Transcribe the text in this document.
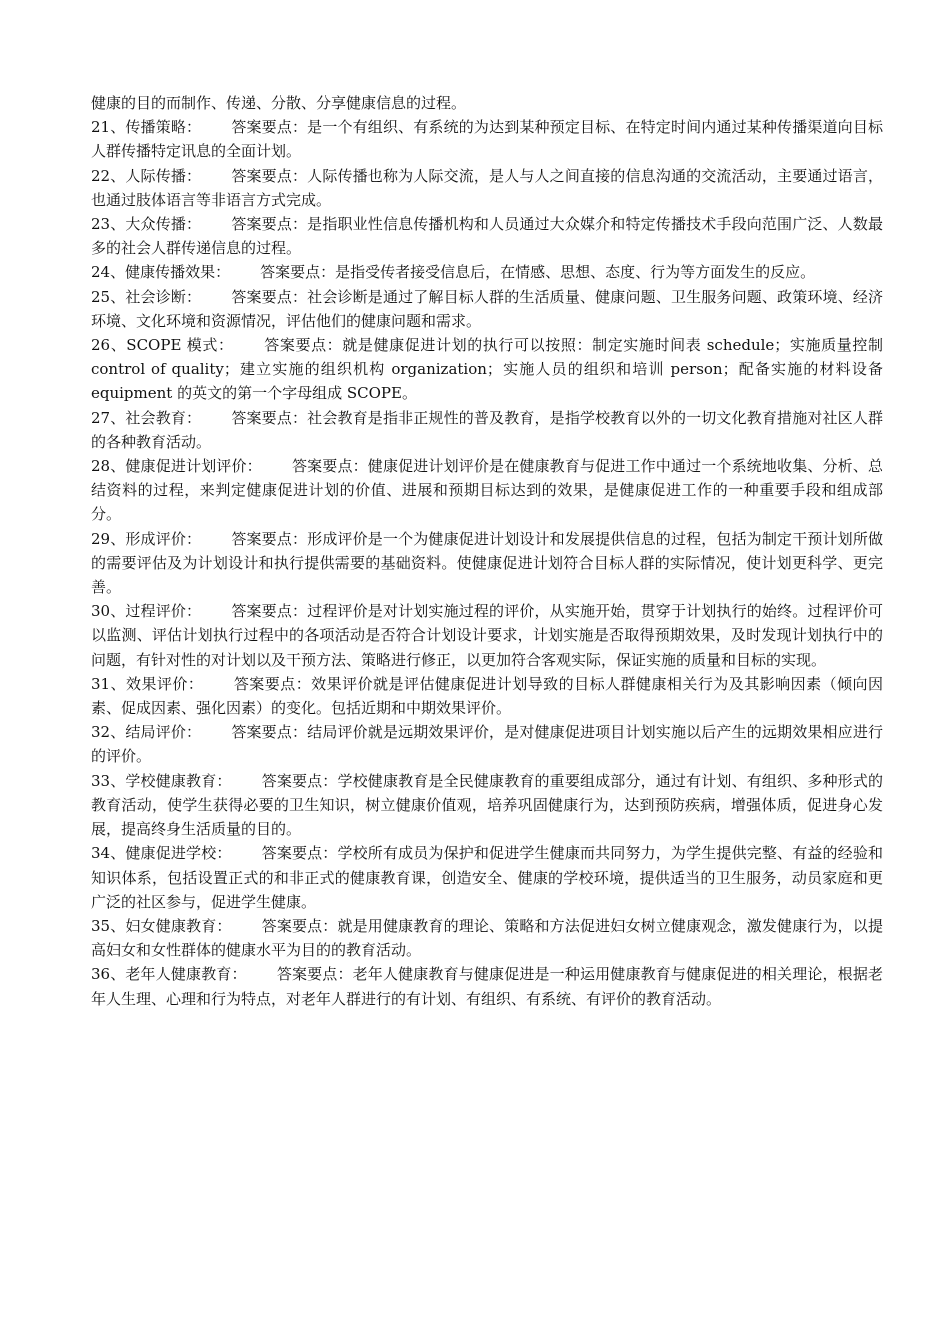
健康的目的而制作、传递、分散、分享健康信息的过程。

21、传播策略： 答案要点：是一个有组织、有系统的为达到某种预定目标、在特定时间内通过某种传播渠道向目标人群传播特定讯息的全面计划。

22、人际传播： 答案要点：人际传播也称为人际交流，是人与人之间直接的信息沟通的交流活动，主要通过语言，也通过肢体语言等非语言方式完成。

23、大众传播： 答案要点：是指职业性信息传播机构和人员通过大众媒介和特定传播技术手段向范围广泛、人数最多的社会人群传递信息的过程。

24、健康传播效果： 答案要点：是指受传者接受信息后，在情感、思想、态度、行为等方面发生的反应。

25、社会诊断： 答案要点：社会诊断是通过了解目标人群的生活质量、健康问题、卫生服务问题、政策环境、经济环境、文化环境和资源情况，评估他们的健康问题和需求。

26、SCOPE 模式： 答案要点：就是健康促进计划的执行可以按照：制定实施时间表 schedule；实施质量控制 control of quality；建立实施的组织机构 organization；实施人员的组织和培训 person；配备实施的材料设备 equipment 的英文的第一个字母组成 SCOPE。

27、社会教育： 答案要点：社会教育是指非正规性的普及教育，是指学校教育以外的一切文化教育措施对社区人群的各种教育活动。

28、健康促进计划评价： 答案要点：健康促进计划评价是在健康教育与促进工作中通过一个系统地收集、分析、总结资料的过程，来判定健康促进计划的价值、进展和预期目标达到的效果，是健康促进工作的一种重要手段和组成部分。

29、形成评价： 答案要点：形成评价是一个为健康促进计划设计和发展提供信息的过程，包括为制定干预计划所做的需要评估及为计划设计和执行提供需要的基础资料。使健康促进计划符合目标人群的实际情况，使计划更科学、更完善。

30、过程评价： 答案要点：过程评价是对计划实施过程的评价，从实施开始，贯穿于计划执行的始终。过程评价可以监测、评估计划执行过程中的各项活动是否符合计划设计要求，计划实施是否取得预期效果，及时发现计划执行中的问题，有针对性的对计划以及干预方法、策略进行修正，以更加符合客观实际，保证实施的质量和目标的实现。

31、效果评价： 答案要点：效果评价就是评估健康促进计划导致的目标人群健康相关行为及其影响因素（倾向因素、促成因素、强化因素）的变化。包括近期和中期效果评价。

32、结局评价： 答案要点：结局评价就是远期效果评价，是对健康促进项目计划实施以后产生的远期效果相应进行的评价。

33、学校健康教育： 答案要点：学校健康教育是全民健康教育的重要组成部分，通过有计划、有组织、多种形式的教育活动，使学生获得必要的卫生知识，树立健康价值观，培养巩固健康行为，达到预防疾病，增强体质，促进身心发展，提高终身生活质量的目的。

34、健康促进学校： 答案要点：学校所有成员为保护和促进学生健康而共同努力，为学生提供完整、有益的经验和知识体系，包括设置正式的和非正式的健康教育课，创造安全、健康的学校环境，提供适当的卫生服务，动员家庭和更广泛的社区参与，促进学生健康。

35、妇女健康教育： 答案要点：就是用健康教育的理论、策略和方法促进妇女树立健康观念，激发健康行为，以提高妇女和女性群体的健康水平为目的的教育活动。

36、老年人健康教育： 答案要点：老年人健康教育与健康促进是一种运用健康教育与健康促进的相关理论，根据老年人生理、心理和行为特点，对老年人群进行的有计划、有组织、有系统、有评价的教育活动。
